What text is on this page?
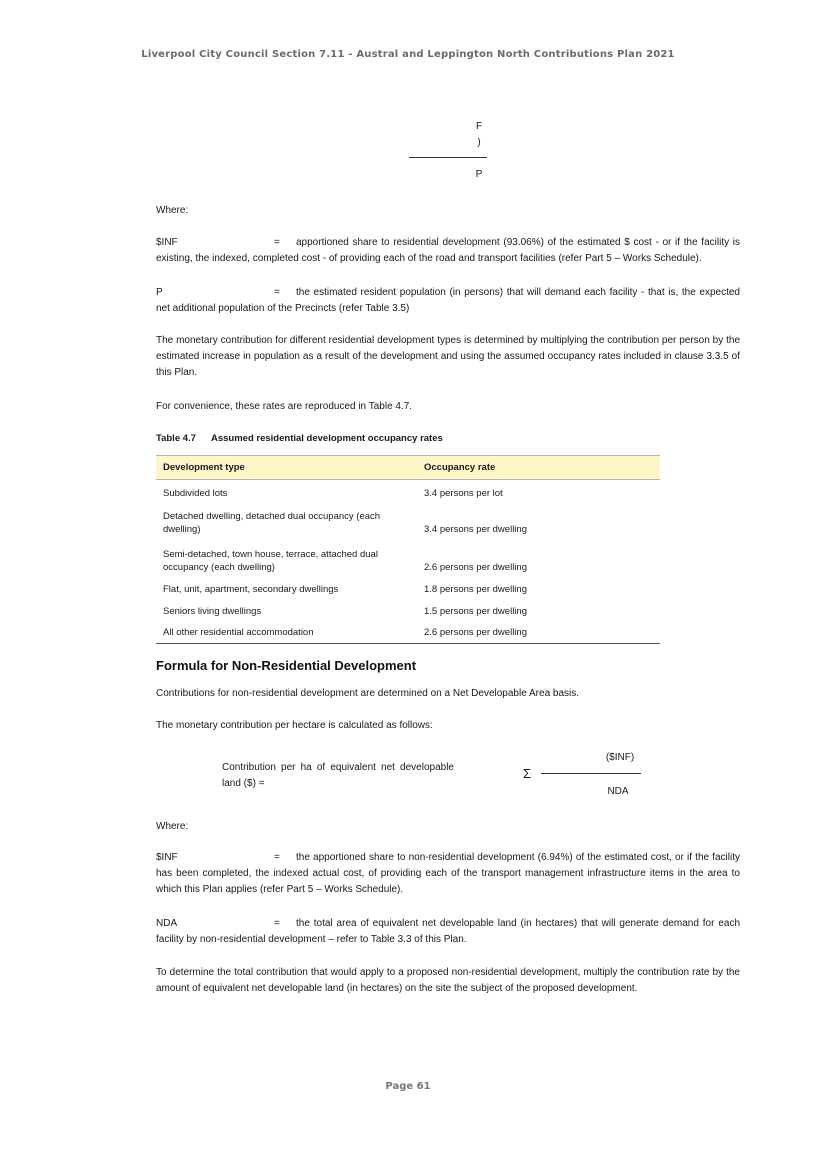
Liverpool City Council Section 7.11 - Austral and Leppington North Contributions Plan 2021
F
)
P
Where:
$INF	= apportioned share to residential development (93.06%) of the estimated $ cost - or if the facility is existing, the indexed, completed cost - of providing each of the road and transport facilities (refer Part 5 – Works Schedule).
P	= the estimated resident population (in persons) that will demand each facility - that is, the expected net additional population of the Precincts (refer Table 3.5)
The monetary contribution for different residential development types is determined by multiplying the contribution per person by the estimated increase in population as a result of the development and using the assumed occupancy rates included in clause 3.3.5 of this Plan.
For convenience, these rates are reproduced in Table 4.7.
Table 4.7 Assumed residential development occupancy rates
Development type	Occupancy rate
Subdivided lots	3.4 persons per lot
Detached dwelling, detached dual occupancy (each dwelling)	3.4 persons per dwelling
Semi-detached, town house, terrace, attached dual occupancy (each dwelling)	2.6 persons per dwelling
Flat, unit, apartment, secondary dwellings	1.8 persons per dwelling
Seniors living dwellings	1.5 persons per dwelling
All other residential accommodation	2.6 persons per dwelling
Formula for Non-Residential Development
Contributions for non-residential development are determined on a Net Developable Area basis.
The monetary contribution per hectare is calculated as follows:
Contribution per ha of equivalent net developable land ($) =
Σ
($INF)
NDA
Where:
$INF	= the apportioned share to non-residential development (6.94%) of the estimated cost, or if the facility has been completed, the indexed actual cost, of providing each of the transport management infrastructure items in the area to which this Plan applies (refer Part 5 – Works Schedule).
NDA	= the total area of equivalent net developable land (in hectares) that will generate demand for each facility by non-residential development – refer to Table 3.3 of this Plan.
To determine the total contribution that would apply to a proposed non-residential development, multiply the contribution rate by the amount of equivalent net developable land (in hectares) on the site the subject of the proposed development.
Page 61
